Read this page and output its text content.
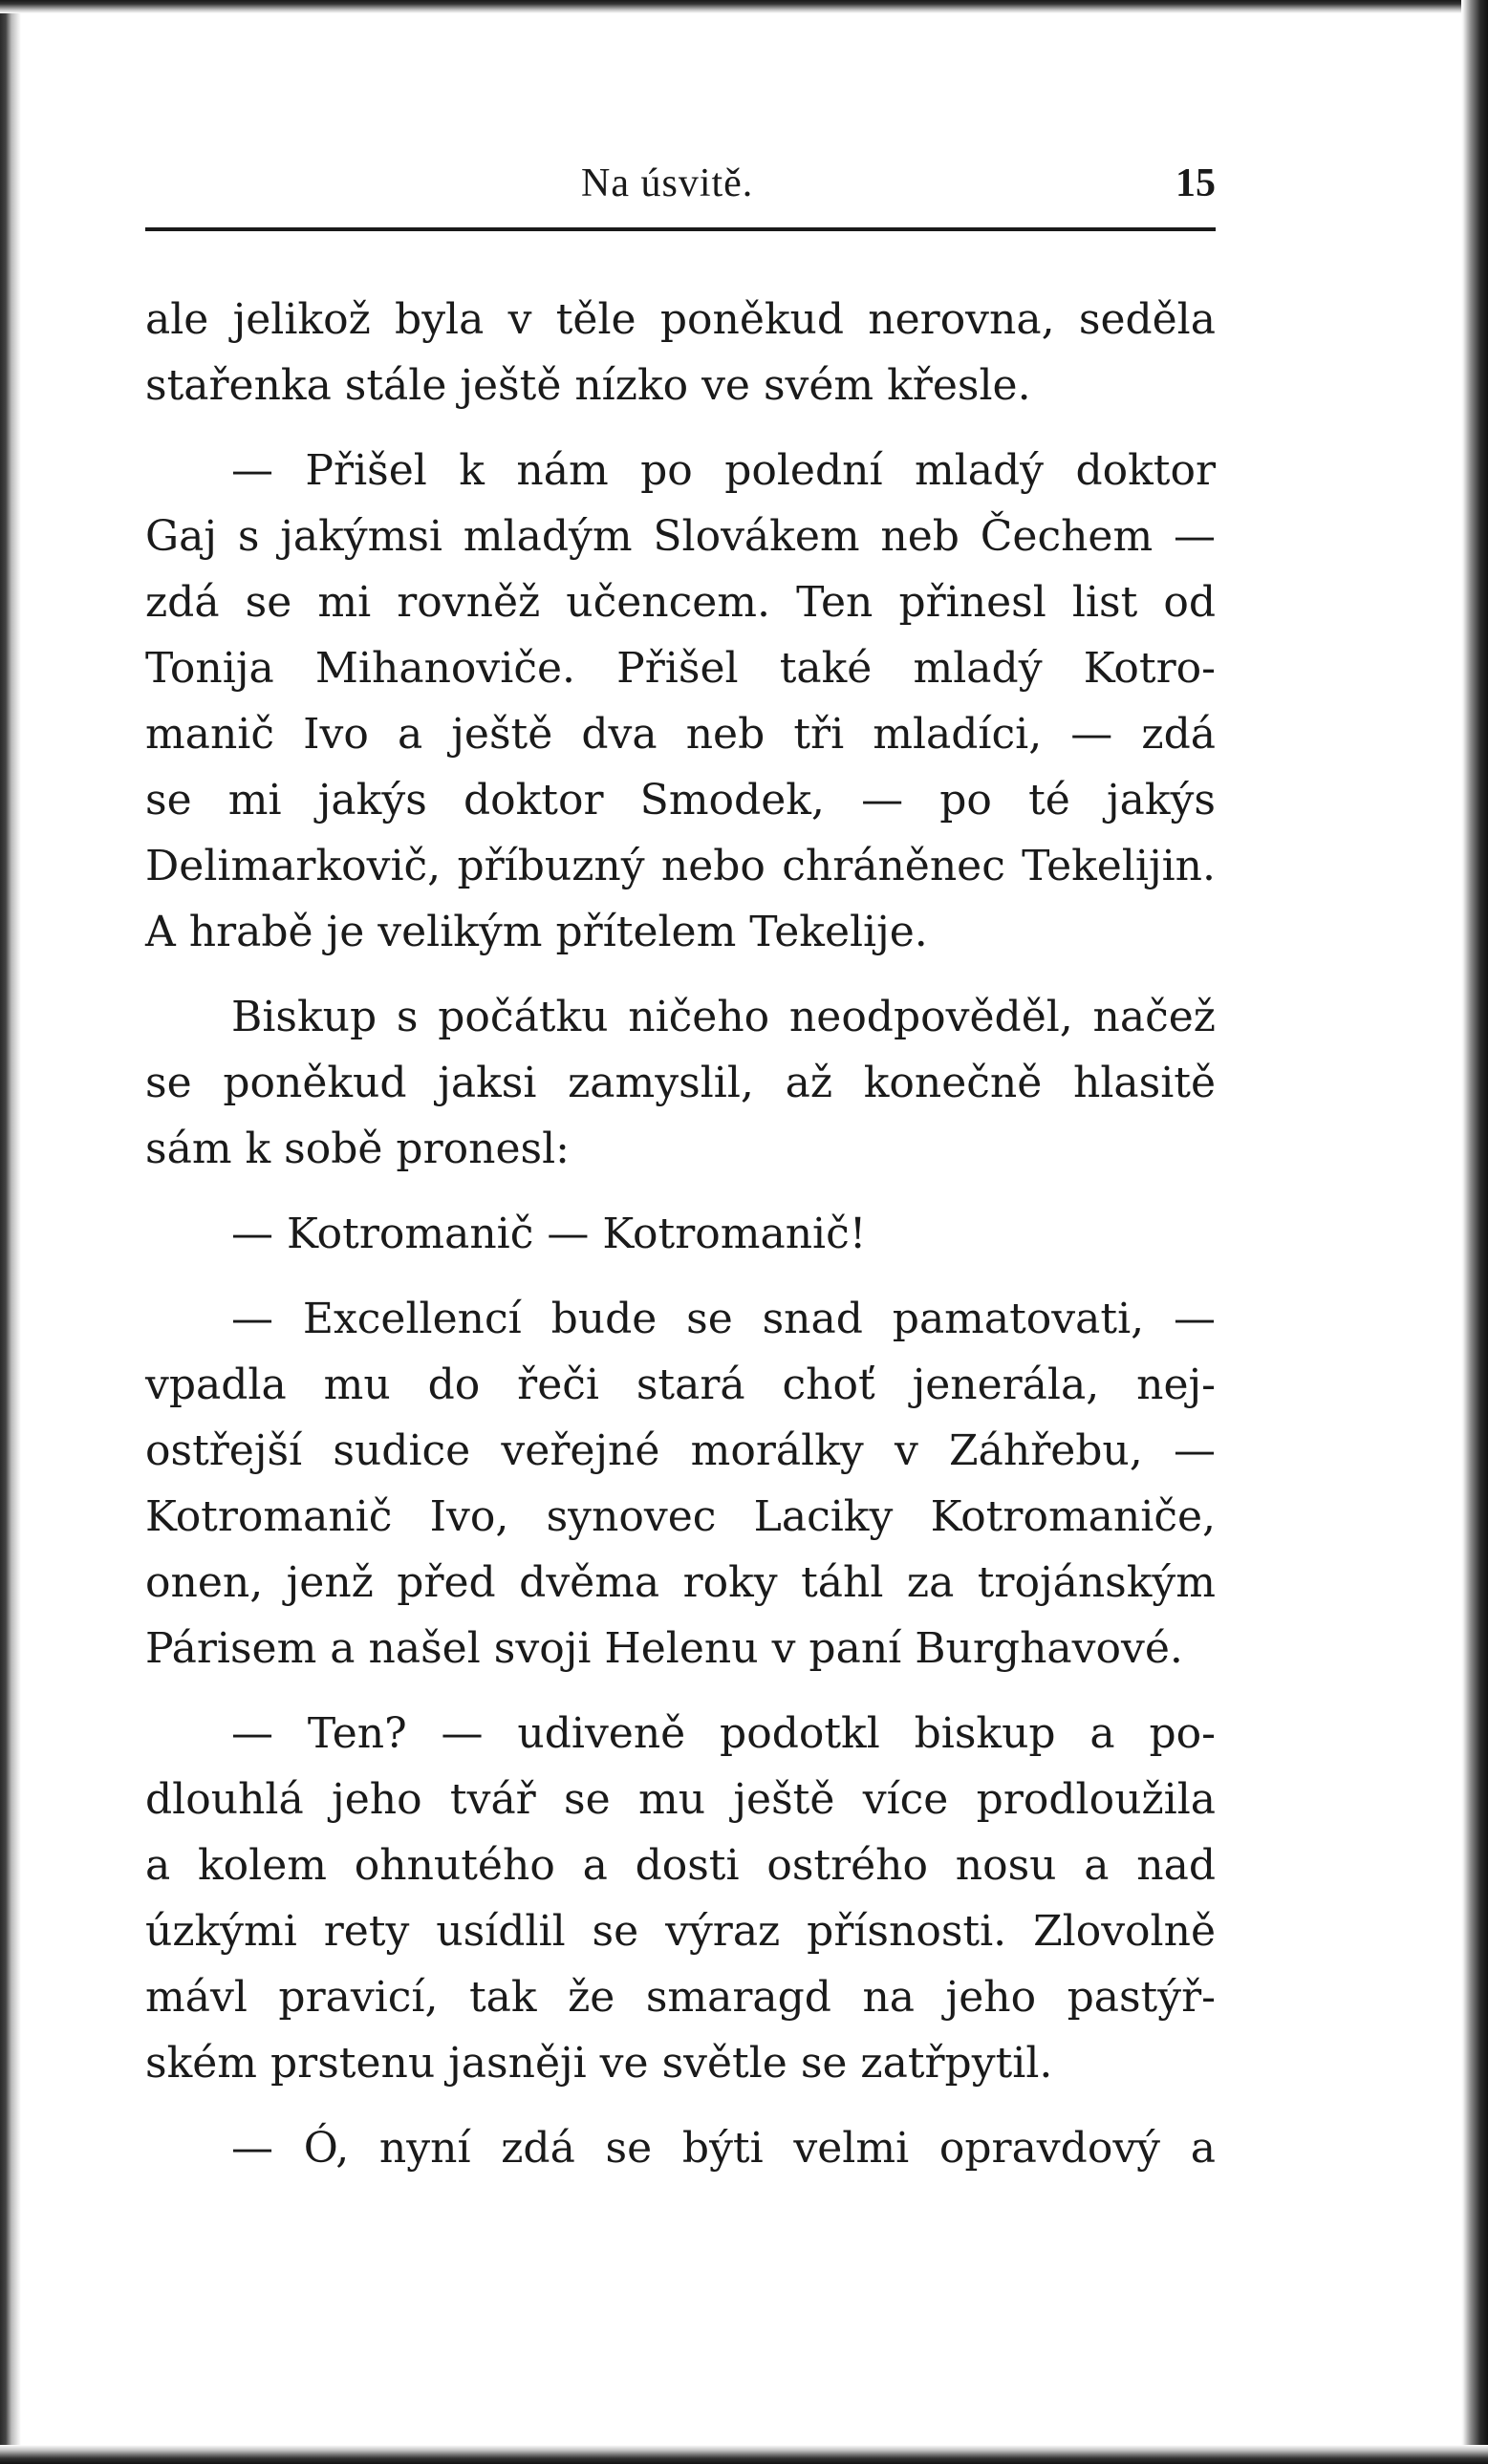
Na úsvitě.	15
ale jelikož byla v těle poněkud nerovna, seděla
stařenka stále ještě nízko ve svém křesle.
— Přišel k nám po polední mladý doktor
Gaj s jakýmsi mladým Slovákem neb Čechem —
zdá se mi rovněž učencem. Ten přinesl list od
Tonija Mihanoviče. Přišel také mladý Kotro-
manič Ivo a ještě dva neb tři mladíci, — zdá
se mi jakýs doktor Smodek, — po té jakýs
Delimarkovič, příbuzný nebo chráněnec Tekelijin.
A hrabě je velikým přítelem Tekelije.
Biskup s počátku ničeho neodpověděl, načež
se poněkud jaksi zamyslil, až konečně hlasitě
sám k sobě pronesl:
— Kotromanič — Kotromanič!
— Excellencí bude se snad pamatovati, —
vpadla mu do řeči stará choť jenerála, nej-
ostřejší sudice veřejné morálky v Záhřebu, —
Kotromanič Ivo, synovec Laciky Kotromaniče,
onen, jenž před dvěma roky táhl za trojánským
Párisem a našel svoji Helenu v paní Burghavové.
— Ten? — udiveně podotkl biskup a po-
dlouhlá jeho tvář se mu ještě více prodloužila
a kolem ohnutého a dosti ostrého nosu a nad
úzkými rety usídlil se výraz přísnosti. Zlovolně
mávl pravicí, tak že smaragd na jeho pastýř-
ském prstenu jasněji ve světle se zatřpytil.
— Ó, nyní zdá se býti velmi opravdový a
